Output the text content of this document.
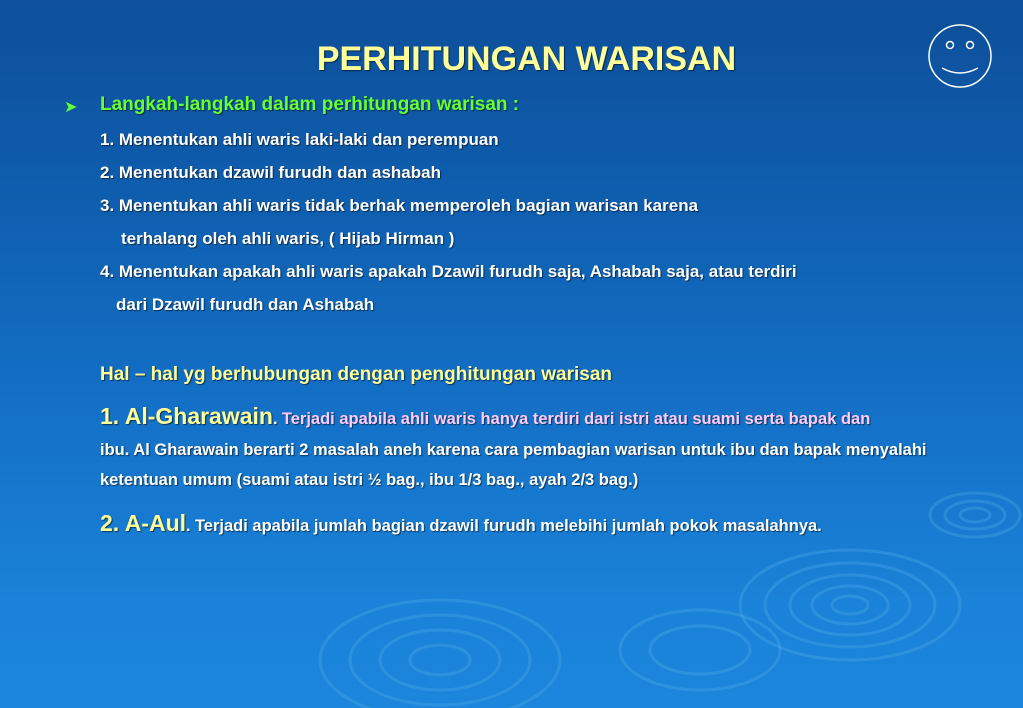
PERHITUNGAN WARISAN
➤ Langkah-langkah dalam perhitungan warisan :
1. Menentukan ahli waris laki-laki dan perempuan
2. Menentukan dzawil furudh dan ashabah
3. Menentukan ahli waris tidak berhak memperoleh bagian warisan karena
terhalang oleh ahli waris, ( Hijab Hirman )
4. Menentukan apakah ahli waris apakah Dzawil furudh saja, Ashabah saja, atau terdiri
dari Dzawil furudh dan Ashabah
Hal – hal yg berhubungan dengan penghitungan warisan
1. Al-Gharawain. Terjadi apabila ahli waris hanya terdiri dari istri atau suami serta bapak dan
ibu. Al Gharawain berarti 2 masalah aneh karena cara pembagian warisan untuk ibu dan bapak menyalahi ketentuan umum (suami atau istri ½ bag., ibu 1/3 bag., ayah 2/3 bag.)
2. A-Aul. Terjadi apabila jumlah bagian dzawil furudh melebihi jumlah pokok masalahnya.
